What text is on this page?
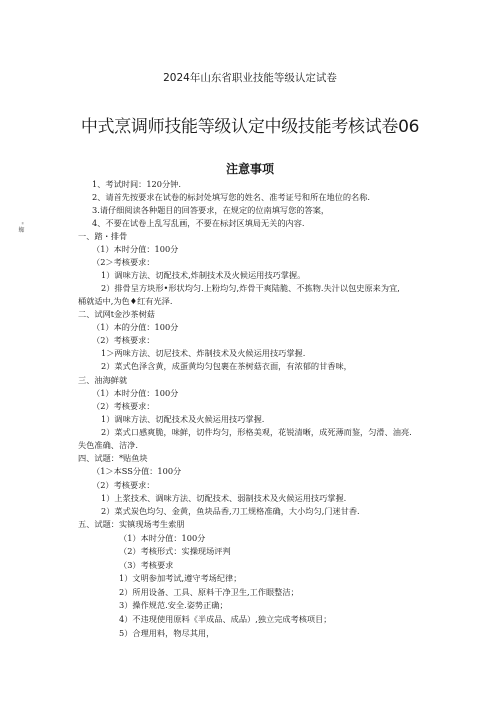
2024年山东省职业技能等级认定试卷
中式烹调师技能等级认定中级技能考核试卷06
注意事项
" 蜘
1、考试时间：120分钟.
2、请首先按要求在试卷的标封处填写您的姓名、准考证号和所在地位的名称.
3.请仔细阅读各种题目的回答要求，在规定的位南填写您的答案，
4、不要在试卷上乱写乱画，不要在标封区填局无关的内容.
一、踏・排骨
（1）本时分值：100分
（2＞考核要求：
1）调味方法、切配技术,炸制技术及火候运用技巧掌握。
2）排骨呈方块形•形状均匀.上粉均匀,炸骨干爽陆脆、不拣物.失汁以包史原来为宜,
桶就适中,为色♦红有光泽.
二、试网t金沙茶树菇
（1）本的分值：100分
（2）考核要求：
1＞两味方法、切尼技术、炸制技术及火候运用技巧掌握.
2）菜式色泽含黄，成蛋黄均匀包裹在茶树菇衣面，有浓郁的甘香味，
三、油海鲜就
（1）本时分值：100分
（2）考核要求：
1）调味方法、切配技术及火候运用技巧掌握.
2）菜式口感爽脆，味鲜，切件均匀，形格美观，花锐清晰，成死薄而鉴，匀滑、油亮.
失色准确、洁净.
四、试题：*贴鱼块
（1＞本SS分值：100分
（2）考核要求：
1）上浆技术、调味方法、切配技术、弱制技术及火候运用技巧掌握.
2）菜式炭色均匀、金黄，鱼块品香,刀工规格准确，大小均匀,门迷甘香.
五、试题：实镇现场考生索朋
（1）本时分值：100分
（2）考核形式：实操现场评判
（3）考核要求
1）文明参加考试,遵守考场纪律；
2）所用设备、工具、原料干净卫生,工作眼整洁；
3）操作规范.安全.姿势正确；
4）不违现使用原料《半成品、成品）,独立完成考核项目；
5）合理用料，物尽其用，
